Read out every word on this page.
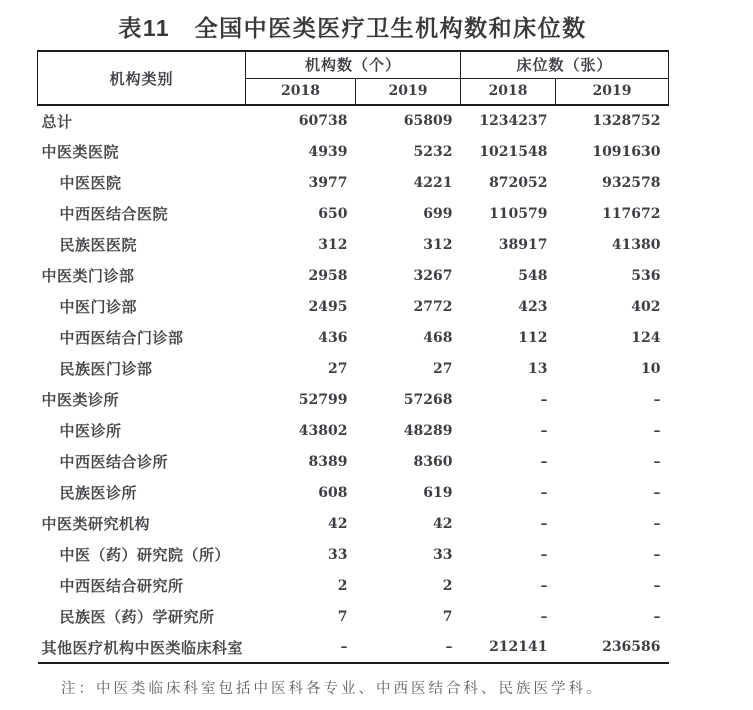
表11　全国中医类医疗卫生机构数和床位数
机构类别	机构数（个）		床位数（张）	
	2018	2019	2018	2019
总计	60738	65809	1234237	1328752
中医类医院	4939	5232	1021548	1091630
中医医院	3977	4221	872052	932578
中西医结合医院	650	699	110579	117672
民族医医院	312	312	38917	41380
中医类门诊部	2958	3267	548	536
中医门诊部	2495	2772	423	402
中西医结合门诊部	436	468	112	124
民族医门诊部	27	27	13	10
中医类诊所	52799	57268	–	–
中医诊所	43802	48289	–	–
中西医结合诊所	8389	8360	–	–
民族医诊所	608	619	–	–
中医类研究机构	42	42	–	–
中医（药）研究院（所）	33	33	–	–
中西医结合研究所	2	2	–	–
民族医（药）学研究所	7	7	–	–
其他医疗机构中医类临床科室	–	–	212141	236586
注：中医类临床科室包括中医科各专业、中西医结合科、民族医学科。
